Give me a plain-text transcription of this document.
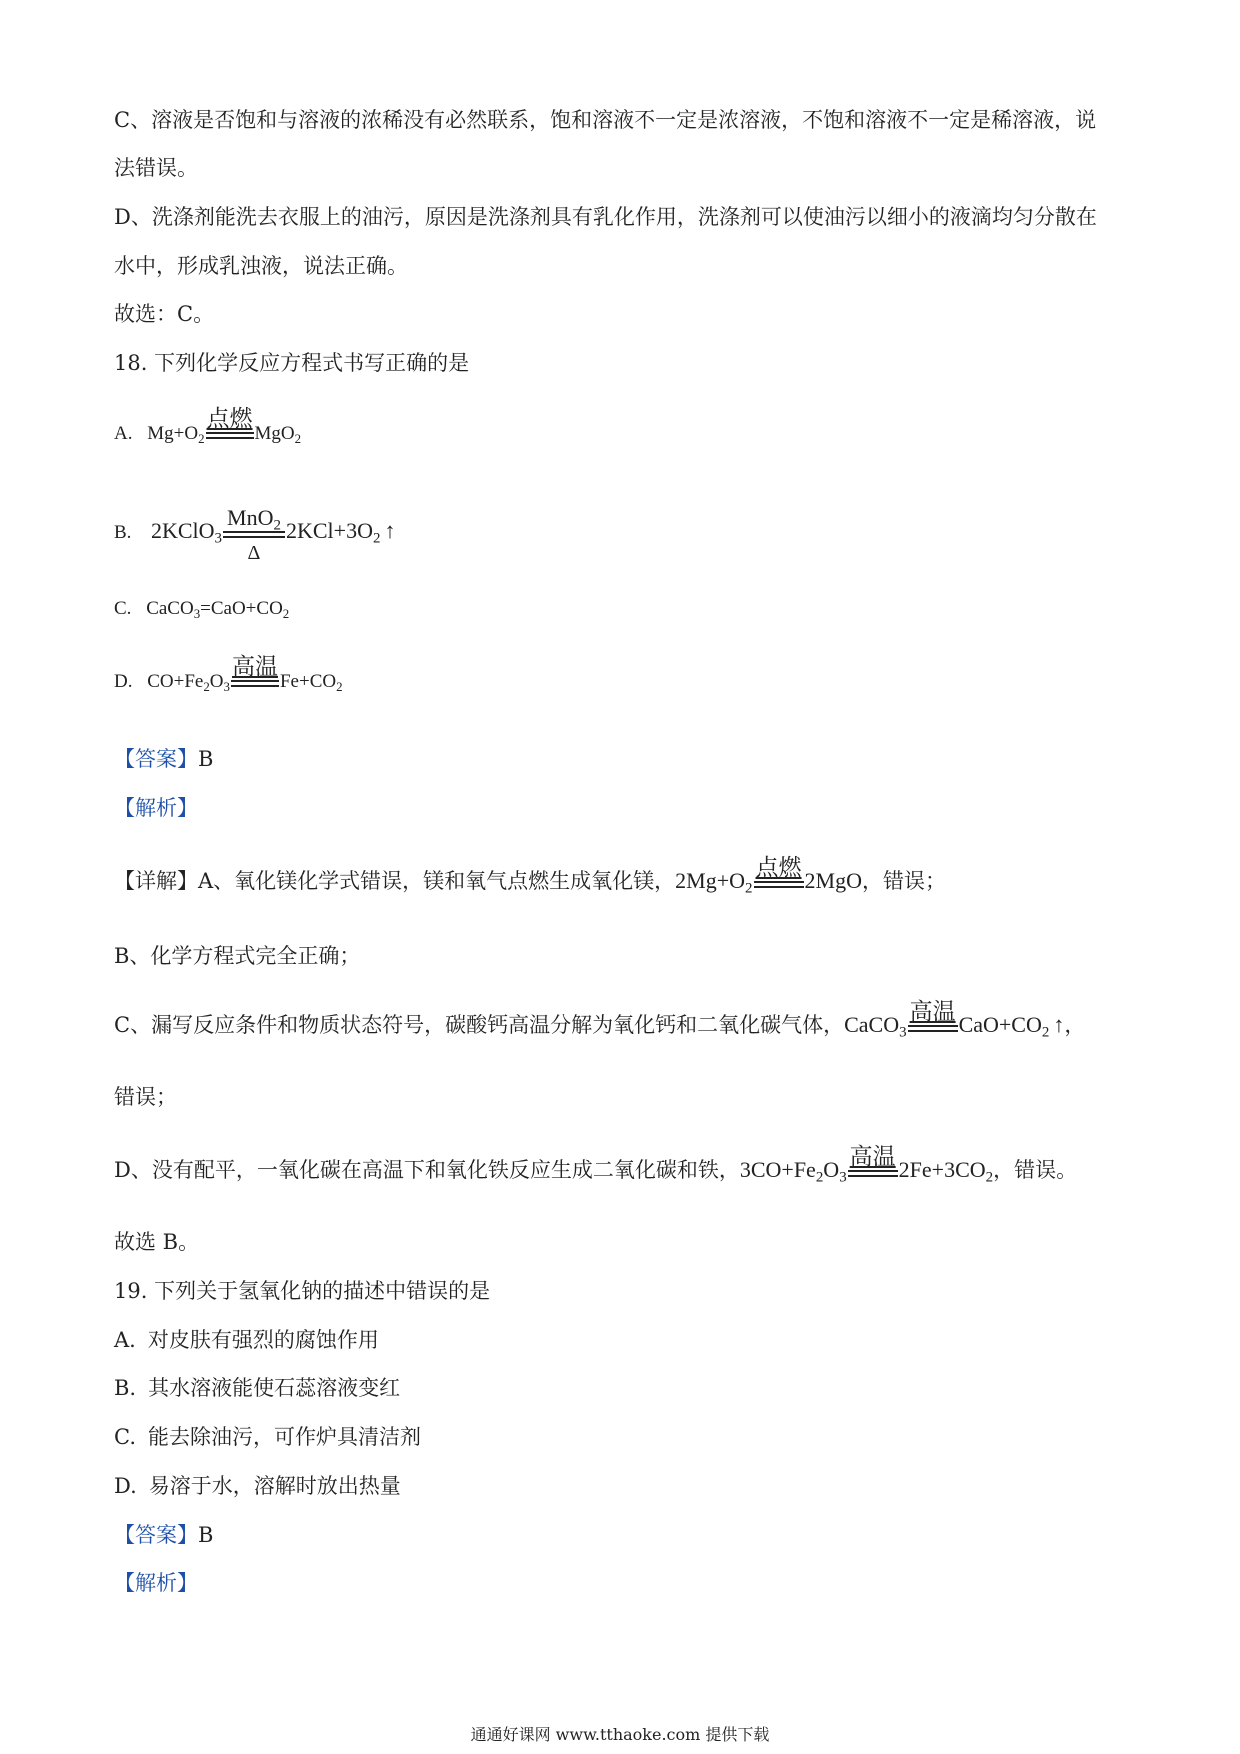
C、溶液是否饱和与溶液的浓稀没有必然联系，饱和溶液不一定是浓溶液，不饱和溶液不一定是稀溶液，说
法错误。
D、洗涤剂能洗去衣服上的油污，原因是洗涤剂具有乳化作用，洗涤剂可以使油污以细小的液滴均匀分散在
水中，形成乳浊液，说法正确。
故选：C。
18. 下列化学反应方程式书写正确的是
A. $Mg+O_2$
点燃
MgO$_2$
B. 2KClO$_3$
MnO$_2$
Δ
$2KCl+3O_2$ ↑
C. $CaCO_3=CaO+CO_2$
D. $CO+Fe_2O_3$
高温
$Fe+CO_2$
【答案】B
【解析】
【详解】A、氧化镁化学式错误，镁和氧气点燃生成氧化镁，$2Mg+O_2$
点燃 2MgO，错误；
B、化学方程式完全正确；
C、漏写反应条件和物质状态符号，碳酸钙高温分解为氧化钙和二氧化碳气体，CaCO$_3$
高温 $CaO+CO_2$ ↑，
错误；
D、没有配平，一氧化碳在高温下和氧化铁反应生成二氧化碳和铁，$3CO+Fe_2O_3$
高温 $2Fe+3CO_2$，错误。
故选 B。
19. 下列关于氢氧化钠的描述中错误的是
A. 对皮肤有强烈的腐蚀作用
B. 其水溶液能使石蕊溶液变红
C. 能去除油污，可作炉具清洁剂
D. 易溶于水，溶解时放出热量
【答案】B
【解析】
通通好课网 www.tthaoke.com 提供下载
